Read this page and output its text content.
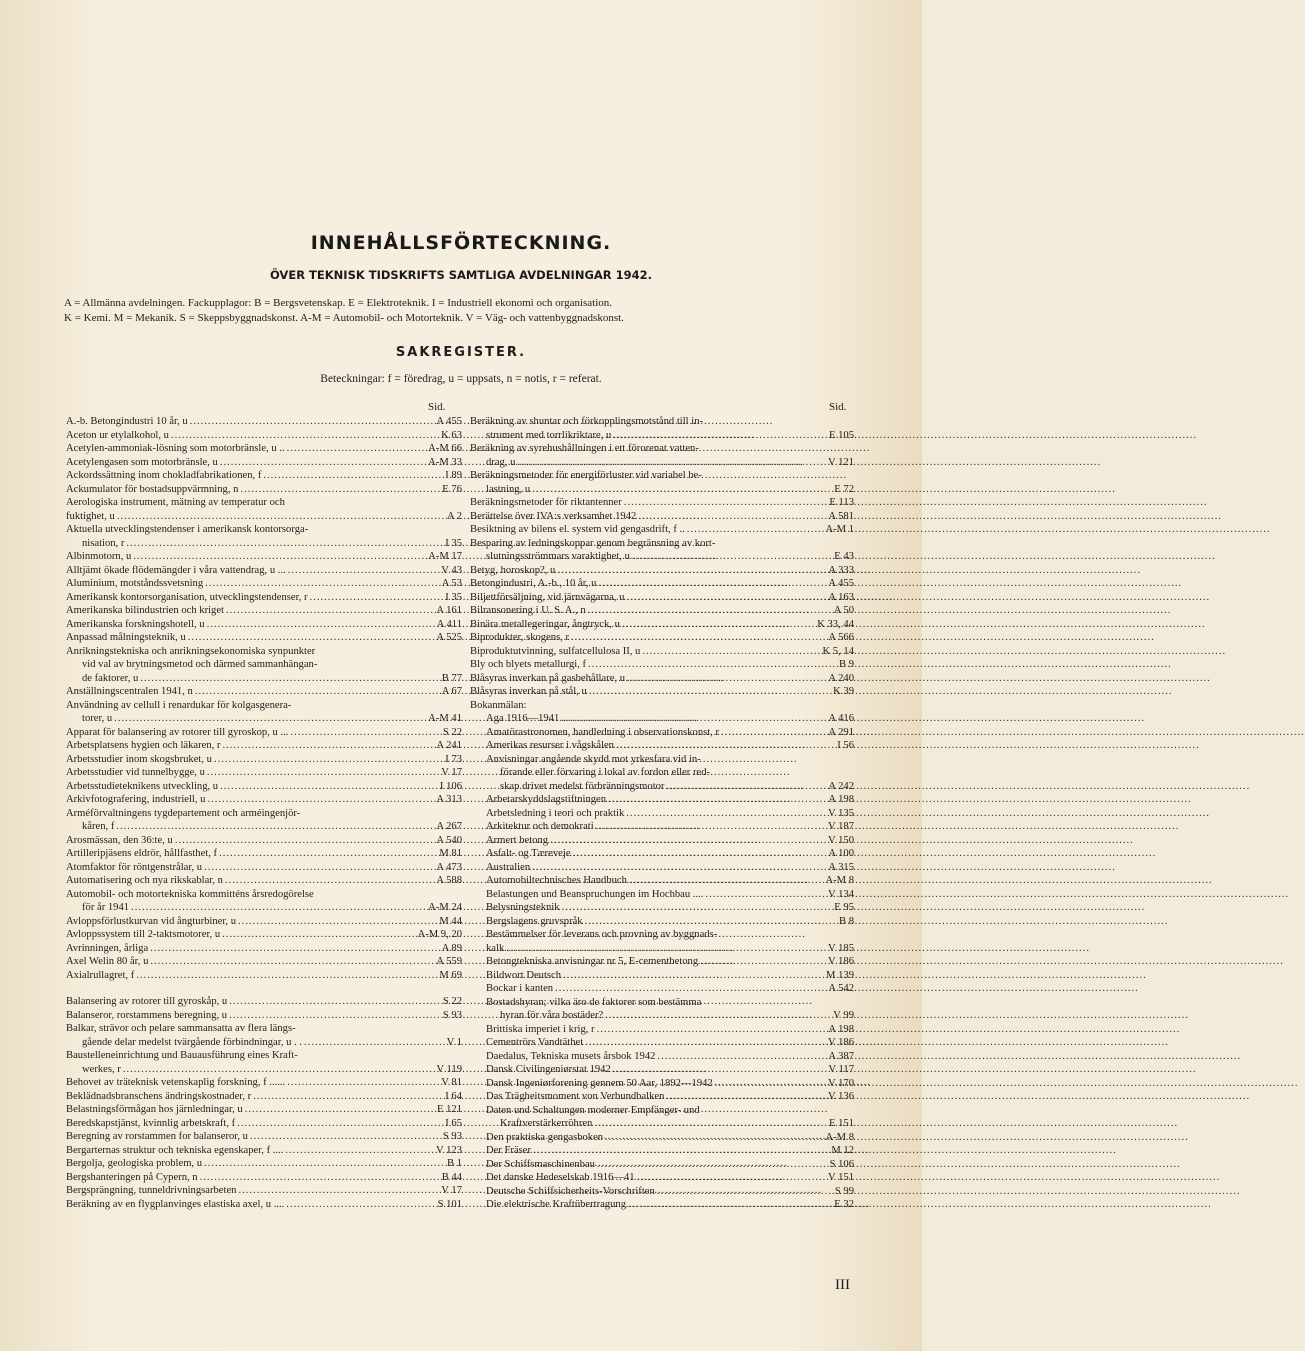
INNEHÅLLSFÖRTECKNING.
ÖVER TEKNISK TIDSKRIFTS SAMTLIGA AVDELNINGAR 1942.
A = Allmänna avdelningen. Fackupplagor: B = Bergsvetenskap. E = Elektroteknik. I = Industriell ekonomi och organisation.
K = Kemi. M = Mekanik. S = Skeppsbyggnadskonst. A-M = Automobil- och Motorteknik. V = Väg- och vattenbyggnadskonst.
SAKREGISTER.
Beteckningar: f = föredrag, u = uppsats, n = notis, r = referat.
Sid.	Sid.
A.-b. Betongindustri 10 år, u .....	A 455
Aceton ur etylalkohol, u .....	K 63
Acetylen-ammoniak-lösning som motorbränsle, u .. .....	A-M 66
Acetylengasen som motorbränsle, u .....	A-M 33
Ackordssättning inom chokladfabrikationen, f .....	I 89
Ackumulator för bostadsuppvärmning, n .....	E 76
Aerologiska instrument, mätning av temperatur och
fuktighet, u .....	A 2
Aktuella utvecklingstendenser i amerikansk kontorsorga-
nisation, r .....	I 35
Albinmotorn, u .....	A-M 17
Alltjämt ökade flödemängder i våra vattendrag, u ... .....	V 43
Aluminium, motståndssvetsning .....	A 53
Amerikansk kontorsorganisation, utvecklingstendenser, r .....	I 35
Amerikanska bilindustrien och kriget .....	A 161
Amerikanska forskningshotell, u .....	A 411
Anpassad målningsteknik, u .....	A 525
Anrikningstekniska och anrikningsekonomiska synpunkter
vid val av brytningsmetod och därmed sammanhängan-
de faktorer, u .....	B 77
Anställningscentralen 1941, n .....	A 67
Användning av cellull i renardukar för kolgasgenera-
torer, u .....	A-M 41
Apparat för balansering av rotorer till gyroskop, u ... .....	S 22
Arbetsplatsens hygien och läkaren, r .....	A 241
Arbetsstudier inom skogsbruket, u .....	I 73
Arbetsstudier vid tunnelbygge, u .....	V 17
Arbetsstudieteknikens utveckling, u .....	I 106
Arkivfotografering, industriell, u .....	A 313
Arméförvaltningens tygdepartement och arméingenjör-
kåren, f .....	A 267
Arosmässan, den 36:te, u .....	A 540
Artilleripjäsens eldrör, hållfasthet, f .....	M 81
Atomfaktor för röntgenstrålar, u .....	A 473
Automatisering och nya rikskablar, n .....	A 588
Automobil- och motortekniska kommitténs årsredogörelse
för år 1941 .....	A-M 24
Avloppsförlustkurvan vid ångturbiner, u .....	M 44
Avloppssystem till 2-taktsmotorer, u .....	A-M 9, 20
Avrinningen, årliga .....	A 89
Axel Welin 80 år, u .....	A 559
Axialrullagret, f .....	M 69
Balansering av rotorer till gyroskåp, u .....	S 22
Balanseror, rorstammens beregning, u .....	S 93
Balkar, strävor och pelare sammansatta av flera längs-
gående delar medelst tvärgående förbindningar, u . . .....	V 1
Baustelleneinrichtung und Bauausführung eines Kraft-
werkes, r .....	V 119
Behovet av träteknisk vetenskaplig forskning, f ...... .....	V 81
Beklädnadsbranschens ändringskostnader, r .....	I 64
Belastningsförmågan hos järnledningar, u .....	E 121
Beredskapstjänst, kvinnlig arbetskraft, f .....	I 65
Beregning av rorstammen for balanseror, u .....	S 93
Bergarternas struktur och tekniska egenskaper, f .... .....	V 123
Bergolja, geologiska problem, u .....	B 1
Bergshanteringen på Cypern, n .....	B 44
Bergsprängning, tunneldrivningsarbeten .....	V 17
Beräkning av en flygplanvinges elastiska axel, u .... .....	S 101
Beräkning av shuntar och förkopplingsmotstånd till in-
strument med torrlikriktare, u .....	E 105
Beräkning av syrehushållningen i ett förorenat vatten-
drag, u .....	V 121
Beräkningsmetoder för energiförluster vid variabel be-
lastning, u .....	E 72
Beräkningsmetoder för riktantenner .....	E 113
Berättelse över IVA:s verksamhet 1942 .....	A 581
Besiktning av bilens el. system vid gengasdrift, f .. .....	A-M 1
Besparing av ledningskoppar genom begränsning av kort-
slutningsströmmars varaktighet, u .....	E 43
Betyg, horoskop?, u .....	A 333
Betongindustri, A.-b., 10 år, u .....	A 455
Biljettförsäljning, vid järnvägarna, u .....	A 163
Bilransonering i U. S. A., n .....	A 50
Binära metallegeringar, ångtryck, u .....	K 33, 44
Biprodukter, skogens, r .....	A 566
Biproduktutvinning, sulfatcellulosa II, u .....	K 5, 14
Bly och blyets metallurgi, f .....	B 9
Blåsyras inverkan på gasbehållare, u .....	A 240
Blåsyras inverkan på stål, u .....	K 39
Bokanmälan:
Aga 1916—1941 .....	A 416
Amatörastronomen, handledning i observationskonst, r .....	A 291
Amerikas resurser i vågskålen .....	I 56
Anvisningar angående skydd mot yrkesfara vid in-
förande eller förvaring i lokal av fordon eller red-
skap drivet medelst förbränningsmotor .....	A 242
Arbetarskyddslagstiftningen .....	A 198
Arbetsledning i teori och praktik .....	V 135
Arkitektur och demokrati .....	V 187
Armert betong .....	V 150
Asfalt- og Tæreveje .....	A 100
Australien .....	A 315
Automobiltechnisches Handbuch .....	A-M 8
Belastungen und Beanspruchungen im Hochbau .... .....	V 134
Belysningsteknik .....	E 95
Bergslagens gruvspråk .....	B 8
Bestämmelser för leverans och provning av byggnads-
kalk .....	V 185
Betongtekniska anvisningar nr 5, E-cementbetong .....	V 186
Bildwort Deutsch .....	M 139
Bockar i kanten .....	A 542
Bostadshyran; vilka äro de faktorer som bestämma
hyran för våra bostäder? .....	V 99
Brittiska imperiet i krig, r .....	A 198
Cementrörs Vandtäthet .....	V 186
Daedalus, Tekniska musets årsbok 1942 .....	A 387
Dansk Civilingeniørstat 1942 .....	V 117
Dansk Ingeniørforening gennem 50 Aar, 1892—1942 .....	V 170
Das Trägheitsmoment von Verbundbalken .....	V 136
Daten und Schaltungen moderner Empfänger- und
Kraftverstärkerröhren .....	E 151
Den praktiska gengasboken .....	A-M 8
Der Fräser .....	M 12
Der Schiffsmaschinenbau .....	S 106
Det danske Hedeselskab 1916—41 .....	V 151
Deutsche Schiffsicherheits-Vorschriften .....	S 99
Die elektrische Kraftübertragung .....	E 32
III
